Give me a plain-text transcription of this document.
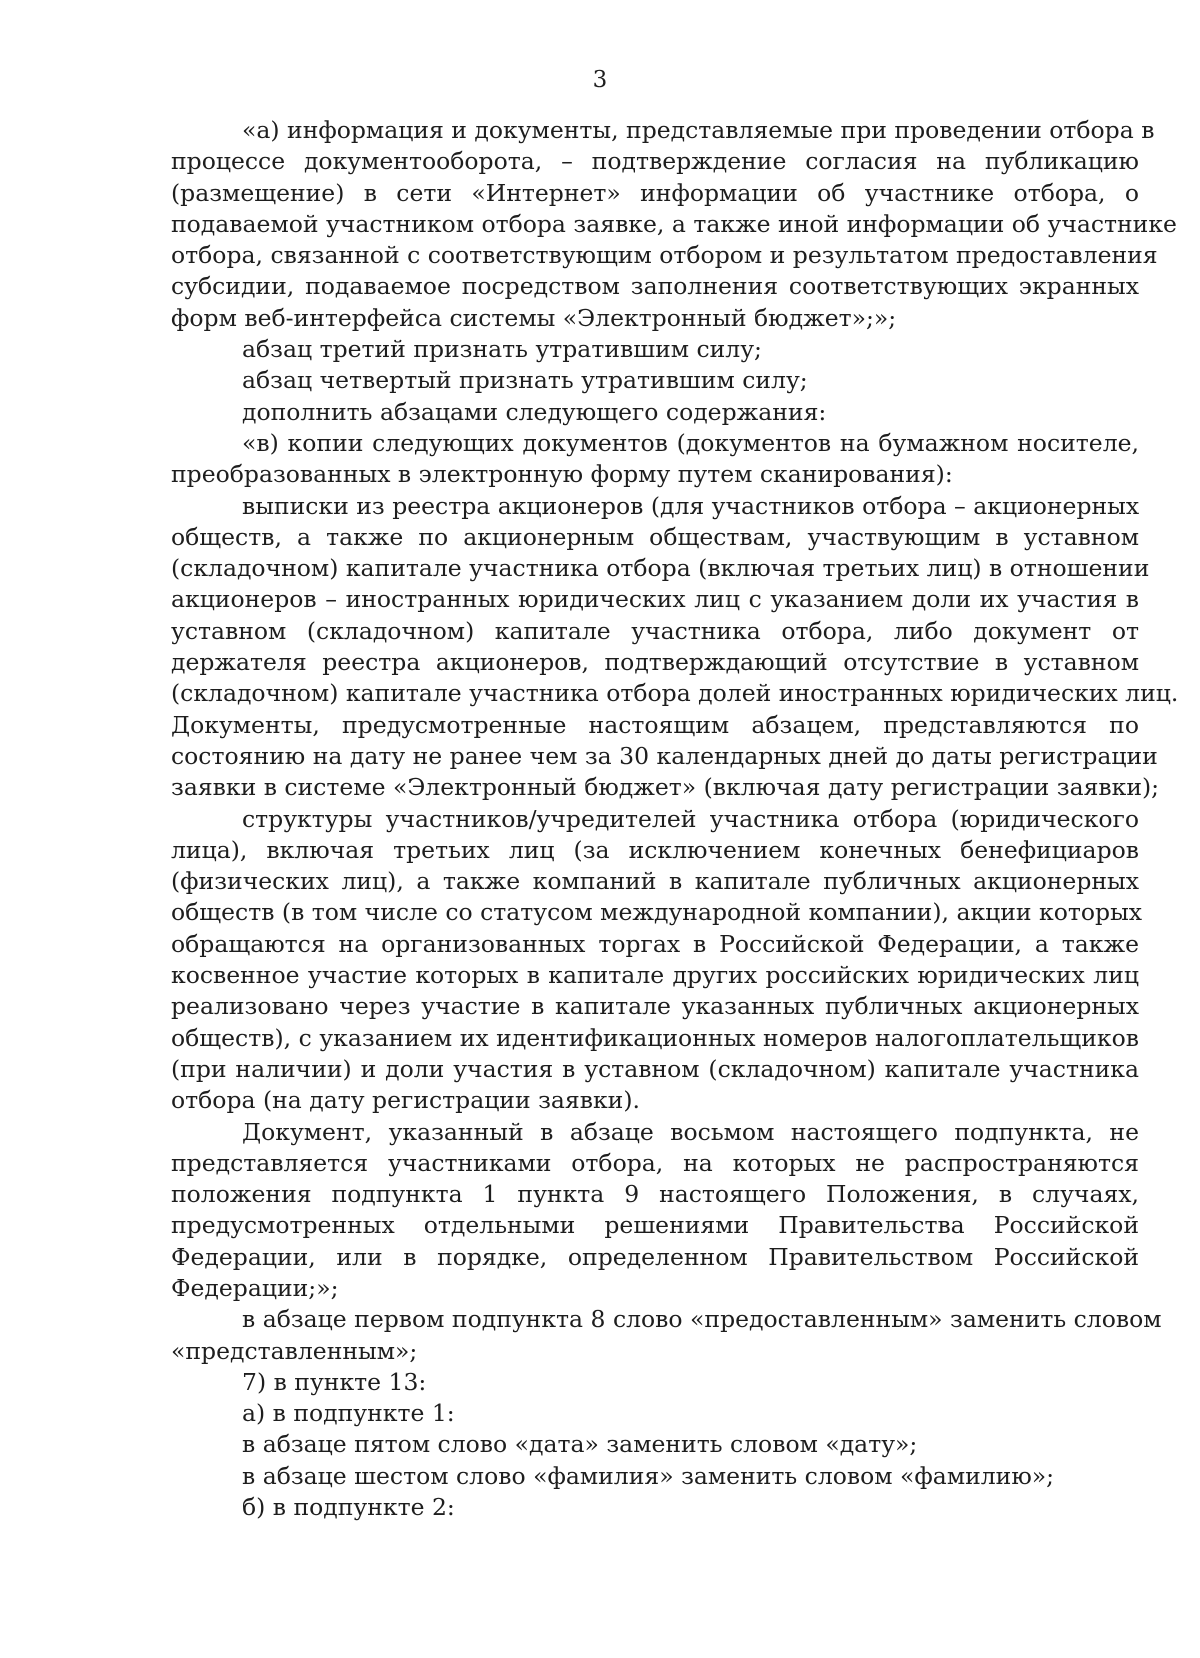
3
«а) информация и документы, представляемые при проведении отбора в
процессе документооборота, – подтверждение согласия на публикацию
(размещение) в сети «Интернет» информации об участнике отбора, о
подаваемой участником отбора заявке, а также иной информации об участнике
отбора, связанной с соответствующим отбором и результатом предоставления
субсидии, подаваемое посредством заполнения соответствующих экранных
форм веб-интерфейса системы «Электронный бюджет»;»;
абзац третий признать утратившим силу;
абзац четвертый признать утратившим силу;
дополнить абзацами следующего содержания:
«в) копии следующих документов (документов на бумажном носителе,
преобразованных в электронную форму путем сканирования):
выписки из реестра акционеров (для участников отбора – акционерных
обществ, а также по акционерным обществам, участвующим в уставном
(складочном) капитале участника отбора (включая третьих лиц) в отношении
акционеров – иностранных юридических лиц с указанием доли их участия в
уставном (складочном) капитале участника отбора, либо документ от
держателя реестра акционеров, подтверждающий отсутствие в уставном
(складочном) капитале участника отбора долей иностранных юридических лиц.
Документы, предусмотренные настоящим абзацем, представляются по
состоянию на дату не ранее чем за 30 календарных дней до даты регистрации
заявки в системе «Электронный бюджет» (включая дату регистрации заявки);
структуры участников/учредителей участника отбора (юридического
лица), включая третьих лиц (за исключением конечных бенефициаров
(физических лиц), а также компаний в капитале публичных акционерных
обществ (в том числе со статусом международной компании), акции которых
обращаются на организованных торгах в Российской Федерации, а также
косвенное участие которых в капитале других российских юридических лиц
реализовано через участие в капитале указанных публичных акционерных
обществ), с указанием их идентификационных номеров налогоплательщиков
(при наличии) и доли участия в уставном (складочном) капитале участника
отбора (на дату регистрации заявки).
Документ, указанный в абзаце восьмом настоящего подпункта, не
представляется участниками отбора, на которых не распространяются
положения подпункта 1 пункта 9 настоящего Положения, в случаях,
предусмотренных отдельными решениями Правительства Российской
Федерации, или в порядке, определенном Правительством Российской
Федерации;»;
в абзаце первом подпункта 8 слово «предоставленным» заменить словом
«представленным»;
7) в пункте 13:
а) в подпункте 1:
в абзаце пятом слово «дата» заменить словом «дату»;
в абзаце шестом слово «фамилия» заменить словом «фамилию»;
б) в подпункте 2:
